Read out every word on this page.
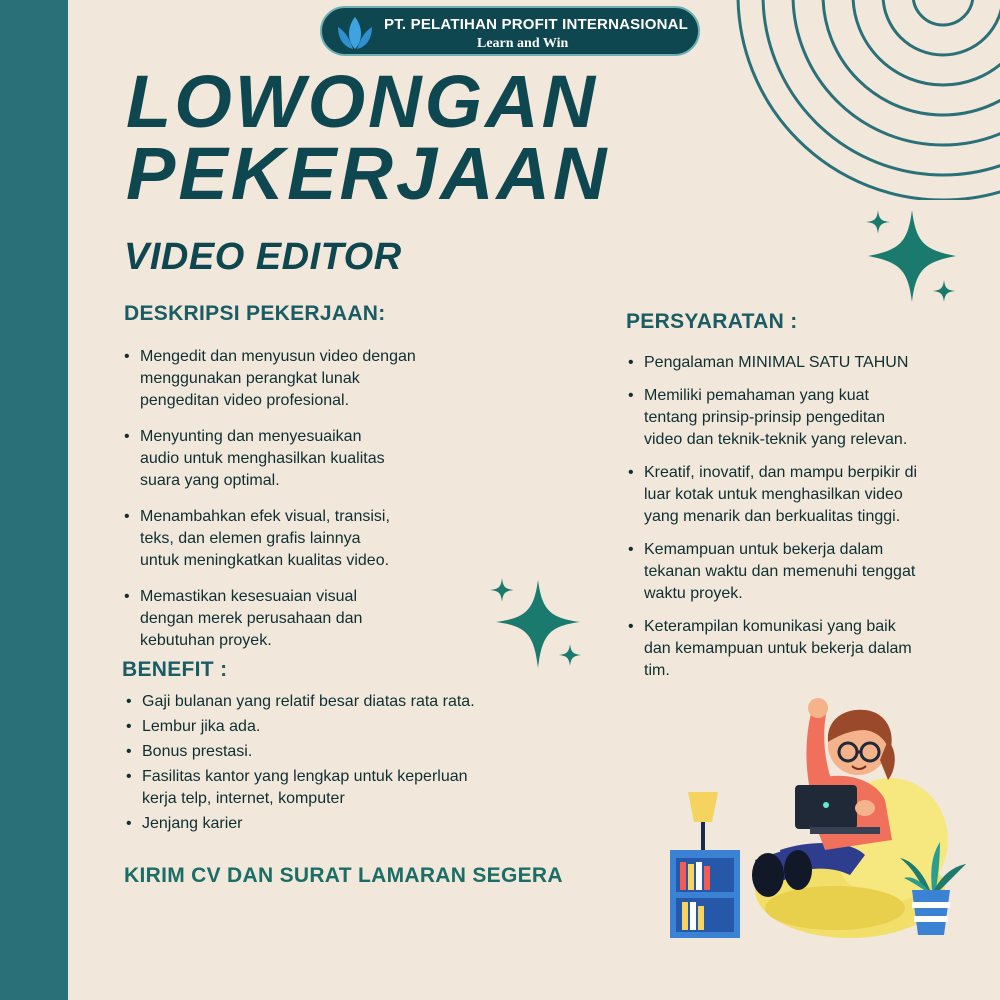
PT. PELATIHAN PROFIT INTERNASIONAL
Learn and Win
LOWONGAN
PEKERJAAN
VIDEO EDITOR
DESKRIPSI PEKERJAAN:
• Mengedit dan menyusun video dengan
menggunakan perangkat lunak
pengeditan video profesional.
• Menyunting dan menyesuaikan
audio untuk menghasilkan kualitas
suara yang optimal.
• Menambahkan efek visual, transisi,
teks, dan elemen grafis lainnya
untuk meningkatkan kualitas video.
• Memastikan kesesuaian visual
dengan merek perusahaan dan
kebutuhan proyek.
PERSYARATAN :
• Pengalaman MINIMAL SATU TAHUN
• Memiliki pemahaman yang kuat
tentang prinsip-prinsip pengeditan
video dan teknik-teknik yang relevan.
• Kreatif, inovatif, dan mampu berpikir di
luar kotak untuk menghasilkan video
yang menarik dan berkualitas tinggi.
• Kemampuan untuk bekerja dalam
tekanan waktu dan memenuhi tenggat
waktu proyek.
• Keterampilan komunikasi yang baik
dan kemampuan untuk bekerja dalam
tim.
BENEFIT :
• Gaji bulanan yang relatif besar diatas rata rata.
• Lembur jika ada.
• Bonus prestasi.
• Fasilitas kantor yang lengkap untuk keperluan
kerja telp, internet, komputer
• Jenjang karier

KIRIM CV DAN SURAT LAMARAN SEGERA
